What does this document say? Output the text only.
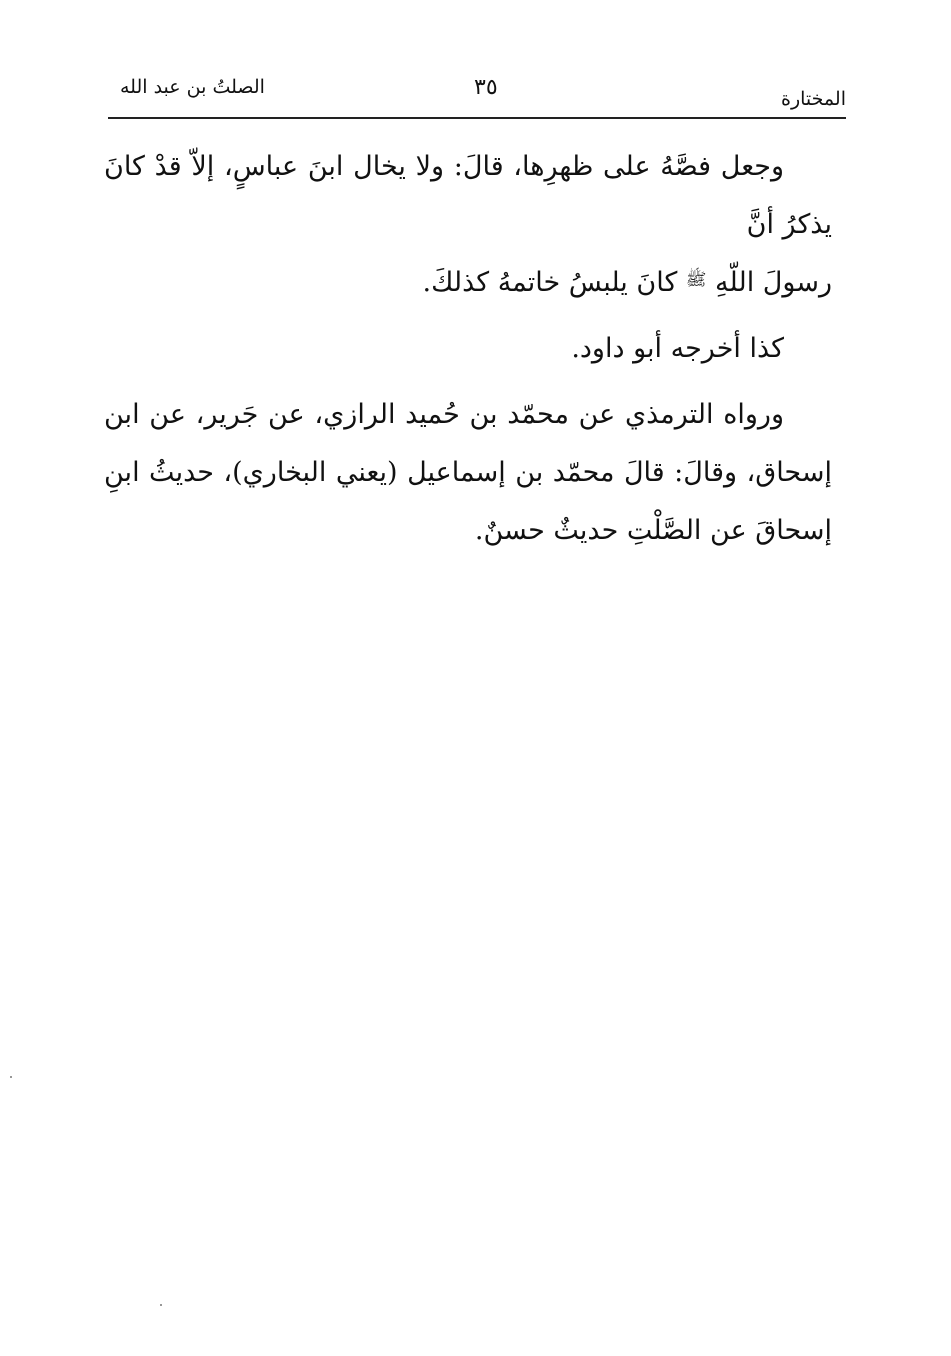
المختارة
٣٥
الصلتُ بن عبد الله

وجعل فصَّهُ على ظهرِها، قالَ: ولا يخال ابنَ عباسٍ، إلاّ قدْ كانَ يذكرُ أنَّ
رسولَ اللّهِ $^ﷺ$ كانَ يلبسُ خاتمهُ كذلكَ.

كذا أخرجه أبو داود.

ورواه الترمذي عن محمّد بن حُميد الرازي، عن جَرير، عن ابن إسحاق، وقالَ: قالَ محمّد بن إسماعيل (يعني البخاري)، حديثُ ابنِ إسحاقَ عن الصَّلْتِ حديثٌ حسنٌ.
